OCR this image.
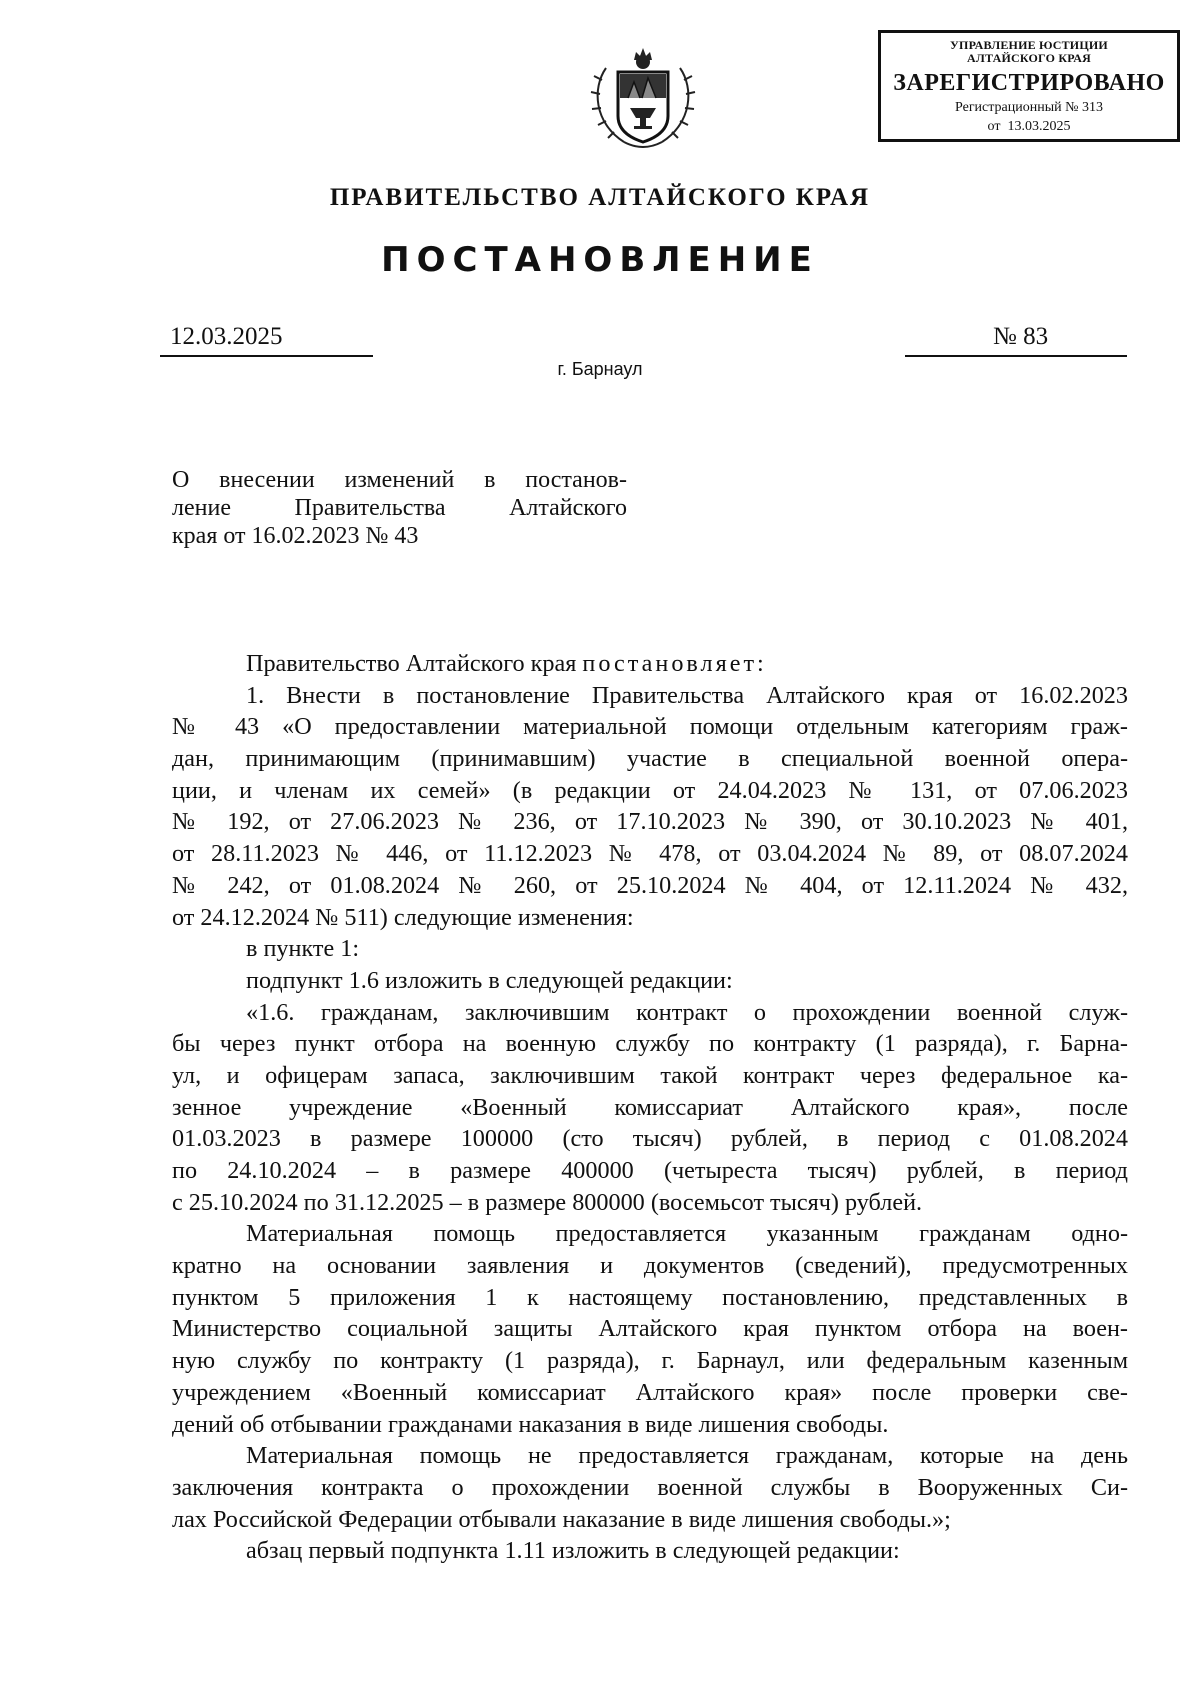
УПРАВЛЕНИЕ ЮСТИЦИИ
АЛТАЙСКОГО КРАЯ
ЗАРЕГИСТРИРОВАНО
Регистрационный № 313
от  13.03.2025
ПРАВИТЕЛЬСТВО АЛТАЙСКОГО КРАЯ
ПОСТАНОВЛЕНИЕ
12.03.2025	№ 83
г. Барнаул
О внесении изменений в постанов-
ление  Правительства  Алтайского
края от 16.02.2023 № 43
Правительство Алтайского края постановляет:
1. Внести в постановление Правительства Алтайского края от 16.02.2023
№ 43 «О предоставлении материальной помощи отдельным категориям граж-
дан, принимающим (принимавшим) участие в специальной военной опера-
ции, и членам их семей» (в редакции от 24.04.2023 № 131, от 07.06.2023
№ 192, от 27.06.2023 № 236, от 17.10.2023 № 390, от 30.10.2023 № 401,
от 28.11.2023 № 446, от 11.12.2023 № 478, от 03.04.2024 № 89, от 08.07.2024
№ 242, от 01.08.2024 № 260, от 25.10.2024 № 404, от 12.11.2024 № 432,
от 24.12.2024 № 511) следующие изменения:
в пункте 1:
подпункт 1.6 изложить в следующей редакции:
«1.6. гражданам, заключившим контракт о прохождении военной служ-
бы через пункт отбора на военную службу по контракту (1 разряда), г. Барна-
ул, и офицерам запаса, заключившим такой контракт через федеральное ка-
зенное учреждение «Военный комиссариат Алтайского края», после
01.03.2023 в размере 100000 (сто тысяч) рублей, в период с 01.08.2024
по 24.10.2024 – в размере 400000 (четыреста тысяч) рублей, в период
с 25.10.2024 по 31.12.2025 – в размере 800000 (восемьсот тысяч) рублей.
Материальная помощь предоставляется указанным гражданам одно-
кратно на основании заявления и документов (сведений), предусмотренных
пунктом 5 приложения 1 к настоящему постановлению, представленных в
Министерство социальной защиты Алтайского края пунктом отбора на воен-
ную службу по контракту (1 разряда), г. Барнаул, или федеральным казенным
учреждением «Военный комиссариат Алтайского края» после проверки све-
дений об отбывании гражданами наказания в виде лишения свободы.
Материальная помощь не предоставляется гражданам, которые на день
заключения контракта о прохождении военной службы в Вооруженных Си-
лах Российской Федерации отбывали наказание в виде лишения свободы.»;
абзац первый подпункта 1.11 изложить в следующей редакции:
